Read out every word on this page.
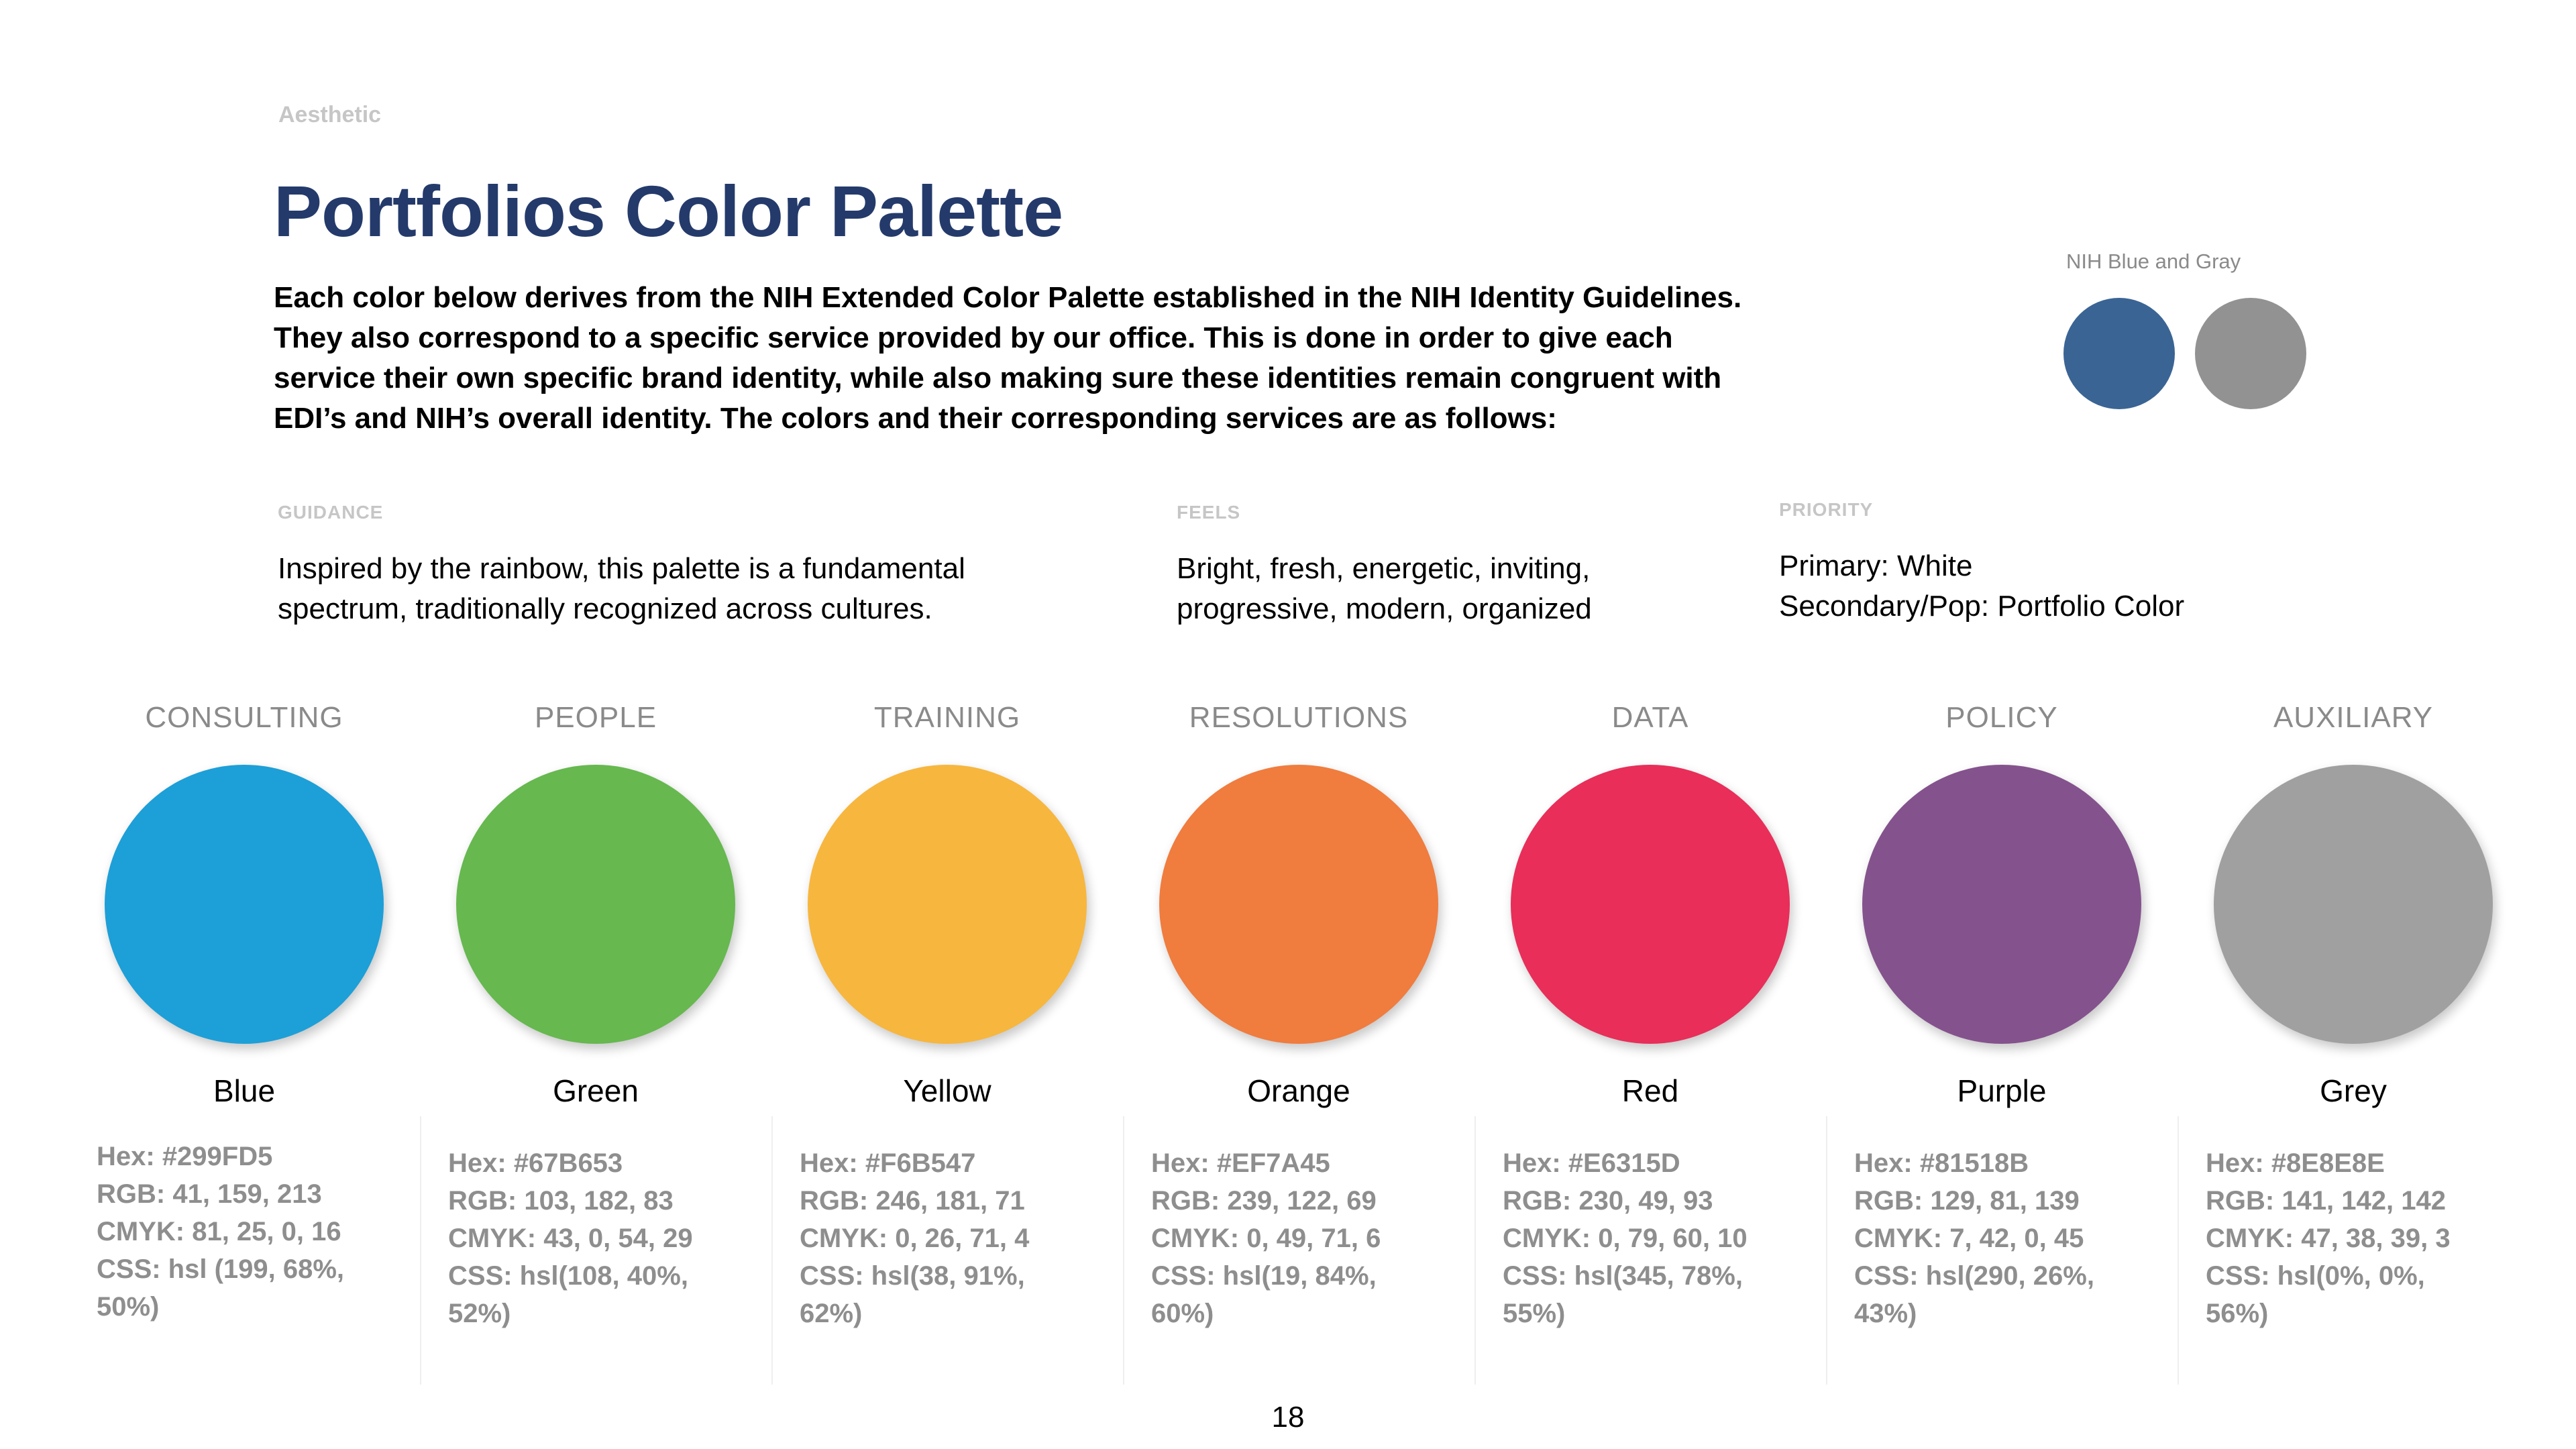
Aesthetic
Portfolios Color Palette
Each color below derives from the NIH Extended Color Palette established in the NIH Identity Guidelines.
They also correspond to a specific service provided by our office. This is done in order to give each
service their own specific brand identity, while also making sure these identities remain congruent with
EDI’s and NIH’s overall identity. The colors and their corresponding services are as follows:
NIH Blue and Gray
GUIDANCE
Inspired by the rainbow, this palette is a fundamental
spectrum, traditionally recognized across cultures.
FEELS
Bright, fresh, energetic, inviting,
progressive, modern, organized
PRIORITY
Primary: White
Secondary/Pop: Portfolio Color
CONSULTING
Blue
Hex: #299FD5
RGB: 41, 159, 213
CMYK: 81, 25, 0, 16
CSS: hsl (199, 68%,
50%)
PEOPLE
Green
Hex: #67B653
RGB: 103, 182, 83
CMYK: 43, 0, 54, 29
CSS: hsl(108, 40%,
52%)
TRAINING
Yellow
Hex: #F6B547
RGB: 246, 181, 71
CMYK: 0, 26, 71, 4
CSS: hsl(38, 91%,
62%)
RESOLUTIONS
Orange
Hex: #EF7A45
RGB: 239, 122, 69
CMYK: 0, 49, 71, 6
CSS: hsl(19, 84%,
60%)
DATA
Red
Hex: #E6315D
RGB: 230, 49, 93
CMYK: 0, 79, 60, 10
CSS: hsl(345, 78%,
55%)
POLICY
Purple
Hex: #81518B
RGB: 129, 81, 139
CMYK: 7, 42, 0, 45
CSS: hsl(290, 26%,
43%)
AUXILIARY
Grey
Hex: #8E8E8E
RGB: 141, 142, 142
CMYK: 47, 38, 39, 3
CSS: hsl(0%, 0%,
56%)
18
